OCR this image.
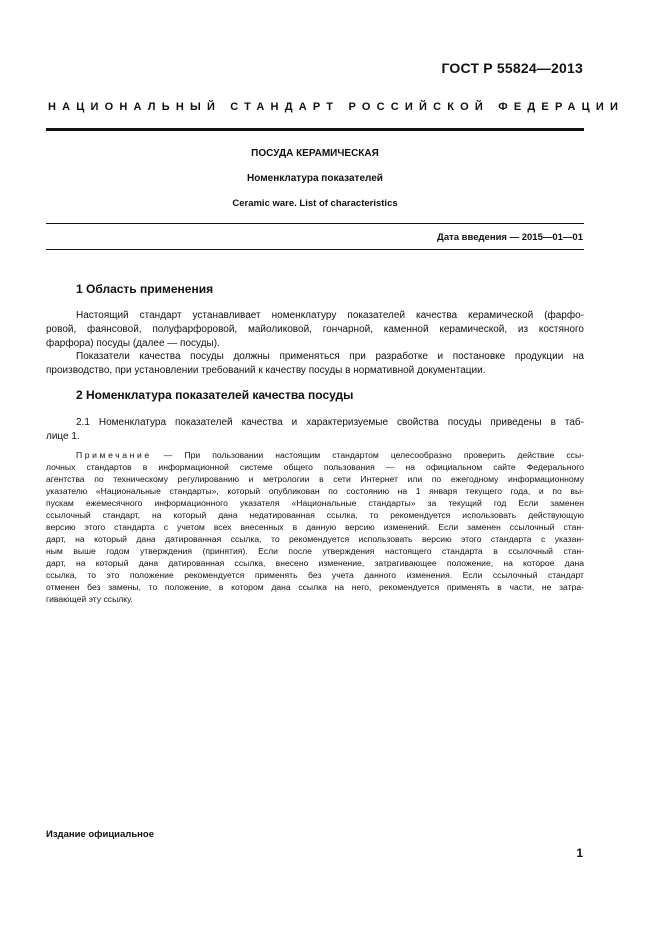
ГОСТ Р 55824—2013
НАЦИОНАЛЬНЫЙ СТАНДАРТ РОССИЙСКОЙ ФЕДЕРАЦИИ
ПОСУДА КЕРАМИЧЕСКАЯ
Номенклатура показателей
Ceramic ware. List of characteristics
Дата введения — 2015—01—01
1 Область применения
Настоящий стандарт устанавливает номенклатуру показателей качества керамической (фарфо-
ровой, фаянсовой, полуфарфоровой, майоликовой, гончарной, каменной керамической, из костяного
фарфора) посуды (далее — посуды).
Показатели качества посуды должны применяться при разработке и постановке продукции на
производство, при установлении требований к качеству посуды в нормативной документации.
2 Номенклатура показателей качества посуды
2.1 Номенклатура показателей качества и характеризуемые свойства посуды приведены в таб-
лице 1.
Примечание — При пользовании настоящим стандартом целесообразно проверить действие ссы-
лочных стандартов в информационной системе общего пользования — на официальном сайте Федерального
агентства по техническому регулированию и метрологии в сети Интернет или по ежегодному информационному
указателю «Национальные стандарты», который опубликован по состоянию на 1 января текущего года, и по вы-
пускам ежемесячного информационного указателя «Национальные стандарты» за текущий год Если заменен
ссылочный стандарт, на который дана недатированная ссылка, то рекомендуется использовать действующую
версию этого стандарта с учетом всех внесенных в данную версию изменений. Если заменен ссылочный стан-
дарт, на который дана датированная ссылка, то рекомендуется использовать версию этого стандарта с указан-
ным выше годом утверждения (принятия). Если после утверждения настоящего стандарта в ссылочный стан-
дарт, на который дана датированная ссылка, внесено изменение, затрагивающее положение, на которое дана
ссылка, то это положение рекомендуется применять без учета данного изменения. Если ссылочный стандарт
отменен без замены, то положение, в котором дана ссылка на него, рекомендуется применять в части, не затра-
гивающей эту ссылку.
Издание официальное
1
